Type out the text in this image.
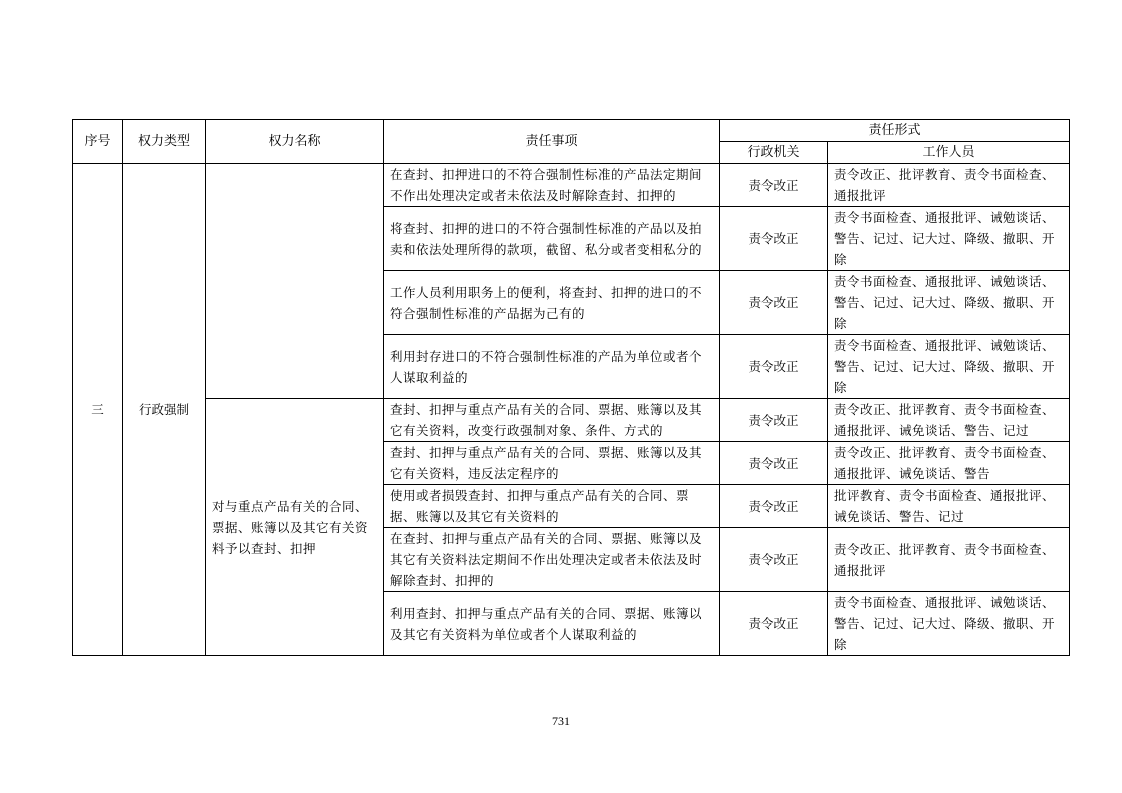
序号	权力类型	权力名称	责任事项	责任形式	
				行政机关	工作人员
三	行政强制		在查封、扣押进口的不符合强制性标准的产品法定期间不作出处理决定或者未依法及时解除查封、扣押的	责令改正	责令改正、批评教育、责令书面检查、通报批评
			将查封、扣押的进口的不符合强制性标准的产品以及拍卖和依法处理所得的款项，截留、私分或者变相私分的	责令改正	责令书面检查、通报批评、诫勉谈话、警告、记过、记大过、降级、撤职、开除
			工作人员利用职务上的便利，将查封、扣押的进口的不符合强制性标准的产品据为己有的	责令改正	责令书面检查、通报批评、诫勉谈话、警告、记过、记大过、降级、撤职、开除
			利用封存进口的不符合强制性标准的产品为单位或者个人谋取利益的	责令改正	责令书面检查、通报批评、诫勉谈话、警告、记过、记大过、降级、撤职、开除
		对与重点产品有关的合同、票据、账簿以及其它有关资料予以查封、扣押	查封、扣押与重点产品有关的合同、票据、账簿以及其它有关资料，改变行政强制对象、条件、方式的	责令改正	责令改正、批评教育、责令书面检查、通报批评、诫免谈话、警告、记过
			查封、扣押与重点产品有关的合同、票据、账簿以及其它有关资料，违反法定程序的	责令改正	责令改正、批评教育、责令书面检查、通报批评、诫免谈话、警告
			使用或者损毁查封、扣押与重点产品有关的合同、票据、账簿以及其它有关资料的	责令改正	批评教育、责令书面检查、通报批评、诫免谈话、警告、记过
			在查封、扣押与重点产品有关的合同、票据、账簿以及其它有关资料法定期间不作出处理决定或者未依法及时解除查封、扣押的	责令改正	责令改正、批评教育、责令书面检查、通报批评
			利用查封、扣押与重点产品有关的合同、票据、账簿以及其它有关资料为单位或者个人谋取利益的	责令改正	责令书面检查、通报批评、诫勉谈话、警告、记过、记大过、降级、撤职、开除
731
